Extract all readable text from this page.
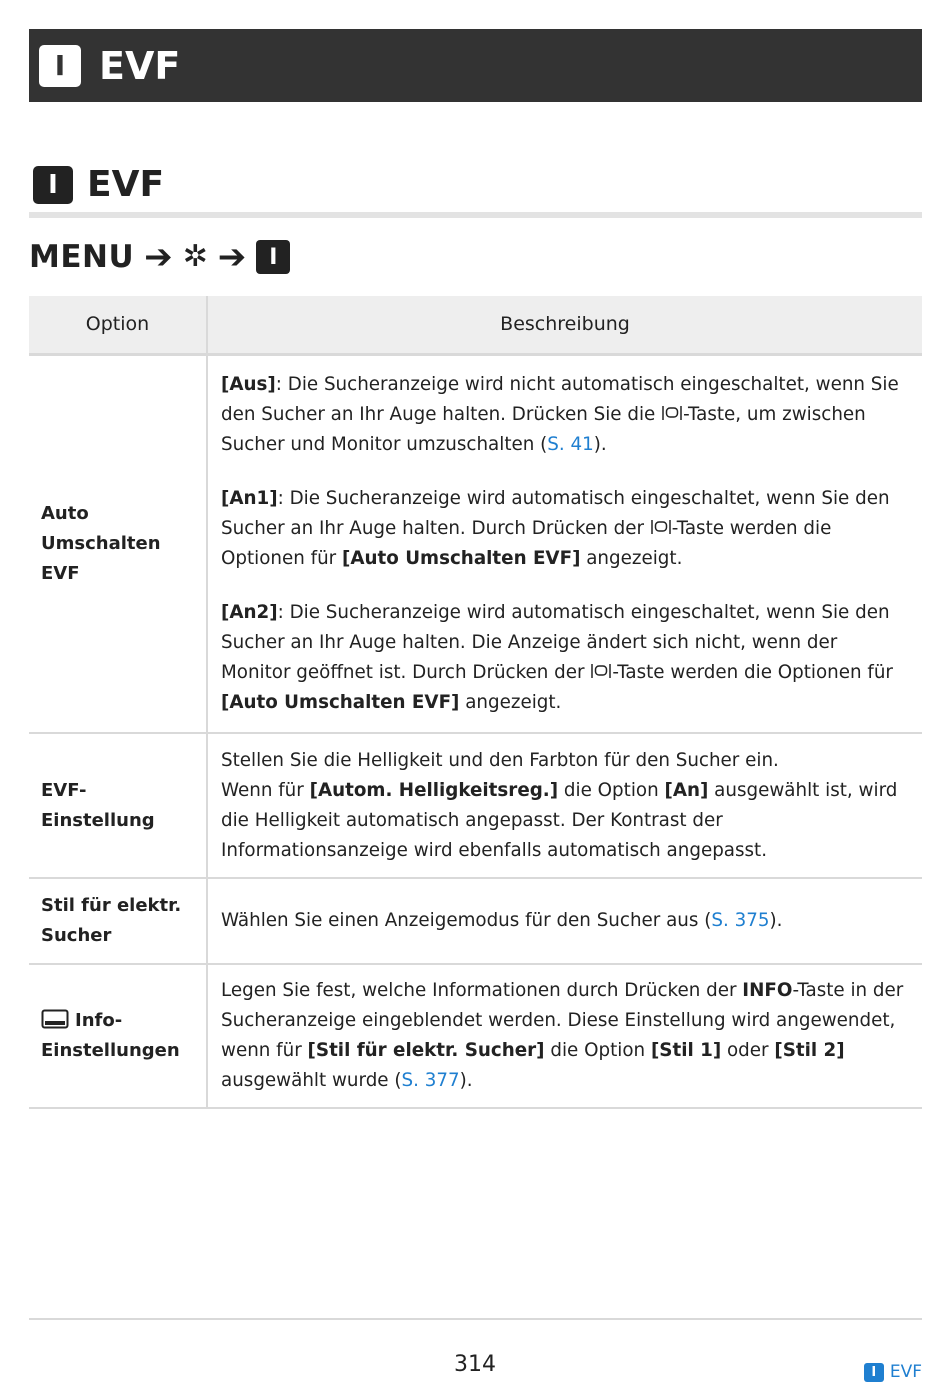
I EVF
I EVF
MENU ➔ ✲ ➔	I
Option	Beschreibung
Auto Umschalten EVF	[Aus]: Die Sucheranzeige wird nicht automatisch eingeschaltet, wenn Sie den Sucher an Ihr Auge halten. Drücken Sie die -Taste, um zwischen Sucher und Monitor umzuschalten (S. 41).

[An1]: Die Sucheranzeige wird automatisch eingeschaltet, wenn Sie den Sucher an Ihr Auge halten. Durch Drücken der -Taste werden die Optionen für [Auto Umschalten EVF] angezeigt.

[An2]: Die Sucheranzeige wird automatisch eingeschaltet, wenn Sie den Sucher an Ihr Auge halten. Die Anzeige ändert sich nicht, wenn der Monitor geöffnet ist. Durch Drücken der -Taste werden die Optionen für [Auto Umschalten EVF] angezeigt.

EVF-Einstellung	Stellen Sie die Helligkeit und den Farbton für den Sucher ein.
Wenn für [Autom. Helligkeitsreg.] die Option [An] ausgewählt ist, wird die Helligkeit automatisch angepasst. Der Kontrast der Informationsanzeige wird ebenfalls automatisch angepasst.

Stil für elektr. Sucher	Wählen Sie einen Anzeigemodus für den Sucher aus (S. 375).

Info-Einstellungen	Legen Sie fest, welche Informationen durch Drücken der INFO-Taste in der Sucheranzeige eingeblendet werden. Diese Einstellung wird angewendet, wenn für [Stil für elektr. Sucher] die Option [Stil 1] oder [Stil 2] ausgewählt wurde (S. 377).

314	I EVF
